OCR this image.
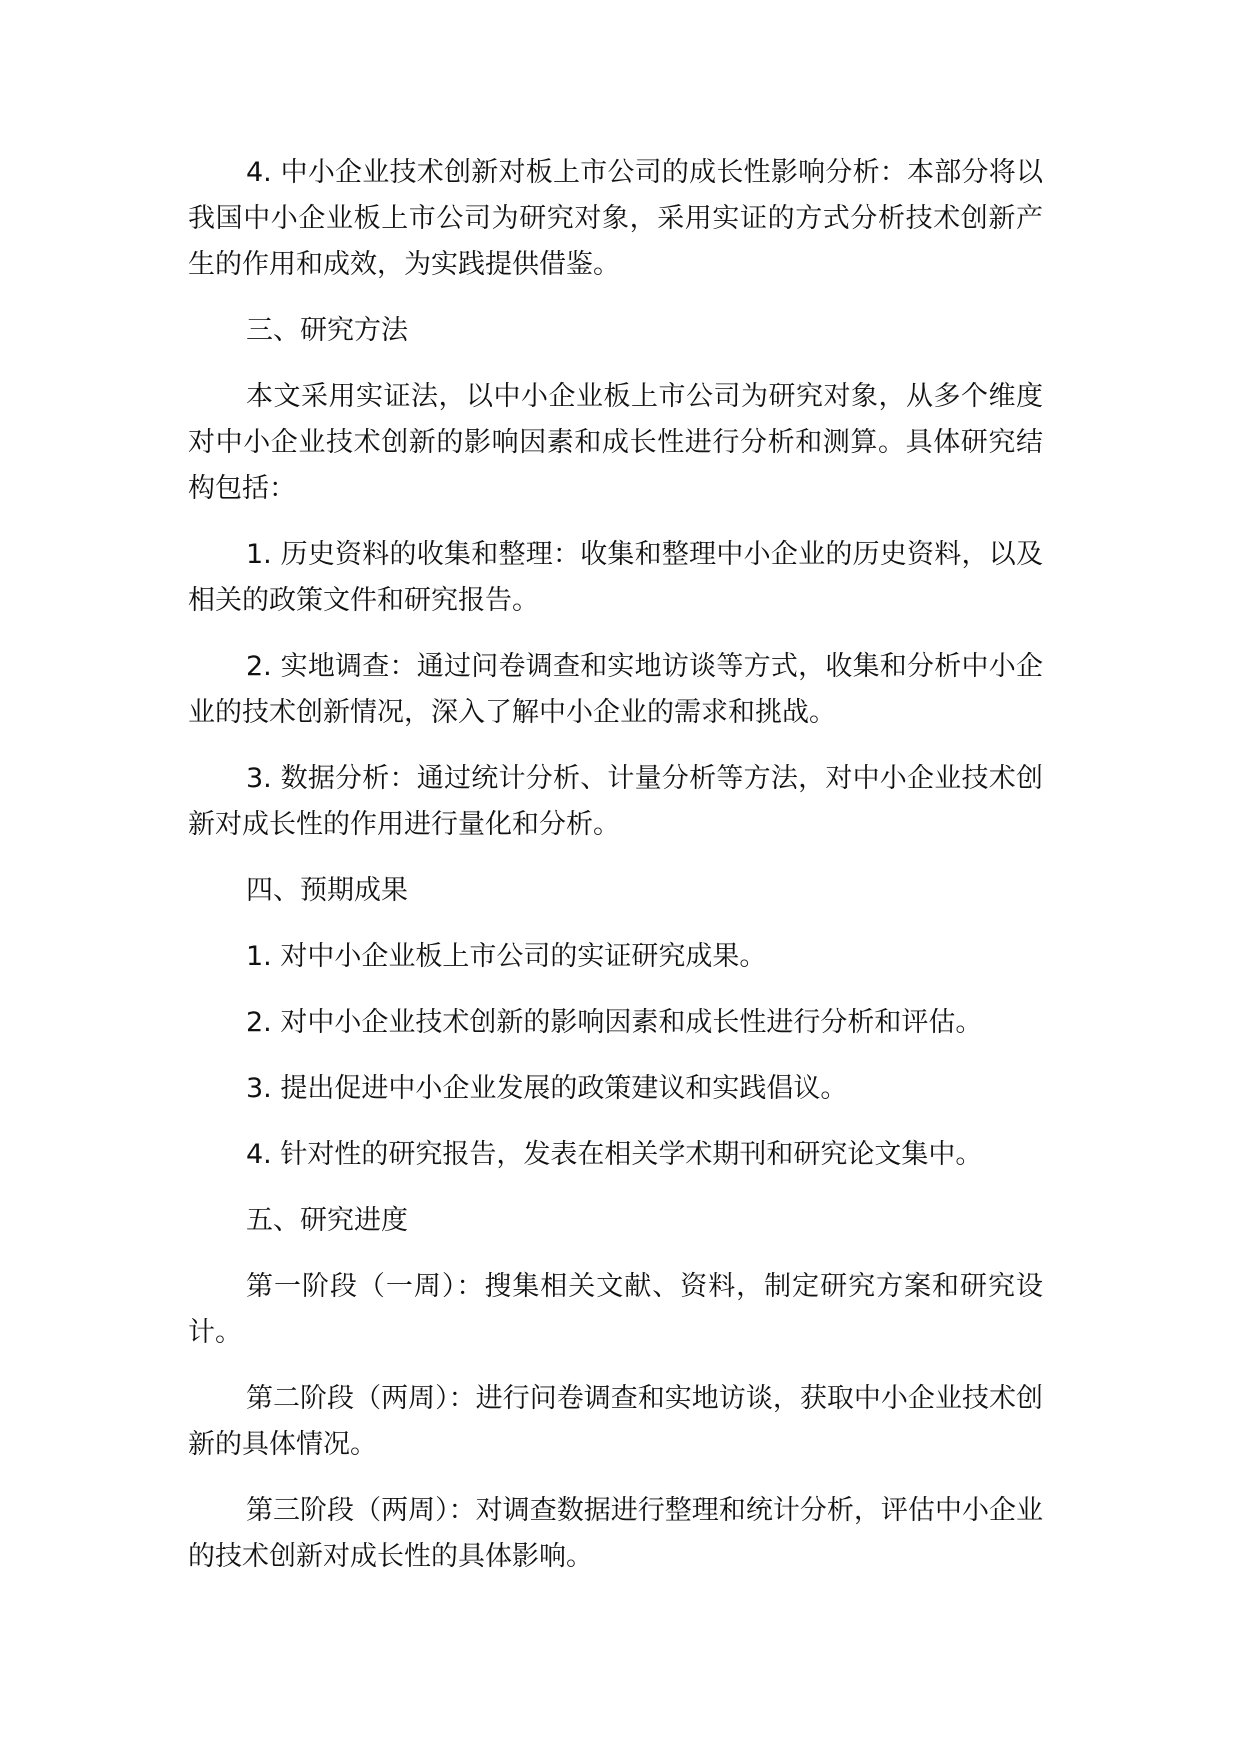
4. 中小企业技术创新对板上市公司的成长性影响分析：本部分将以我国中小企业板上市公司为研究对象，采用实证的方式分析技术创新产生的作用和成效，为实践提供借鉴。

三、研究方法

本文采用实证法，以中小企业板上市公司为研究对象，从多个维度对中小企业技术创新的影响因素和成长性进行分析和测算。具体研究结构包括：

1. 历史资料的收集和整理：收集和整理中小企业的历史资料，以及相关的政策文件和研究报告。

2. 实地调查：通过问卷调查和实地访谈等方式，收集和分析中小企业的技术创新情况，深入了解中小企业的需求和挑战。

3. 数据分析：通过统计分析、计量分析等方法，对中小企业技术创新对成长性的作用进行量化和分析。

四、预期成果

1. 对中小企业板上市公司的实证研究成果。

2. 对中小企业技术创新的影响因素和成长性进行分析和评估。

3. 提出促进中小企业发展的政策建议和实践倡议。

4. 针对性的研究报告，发表在相关学术期刊和研究论文集中。

五、研究进度

第一阶段（一周）：搜集相关文献、资料，制定研究方案和研究设计。

第二阶段（两周）：进行问卷调查和实地访谈，获取中小企业技术创新的具体情况。

第三阶段（两周）：对调查数据进行整理和统计分析，评估中小企业的技术创新对成长性的具体影响。
